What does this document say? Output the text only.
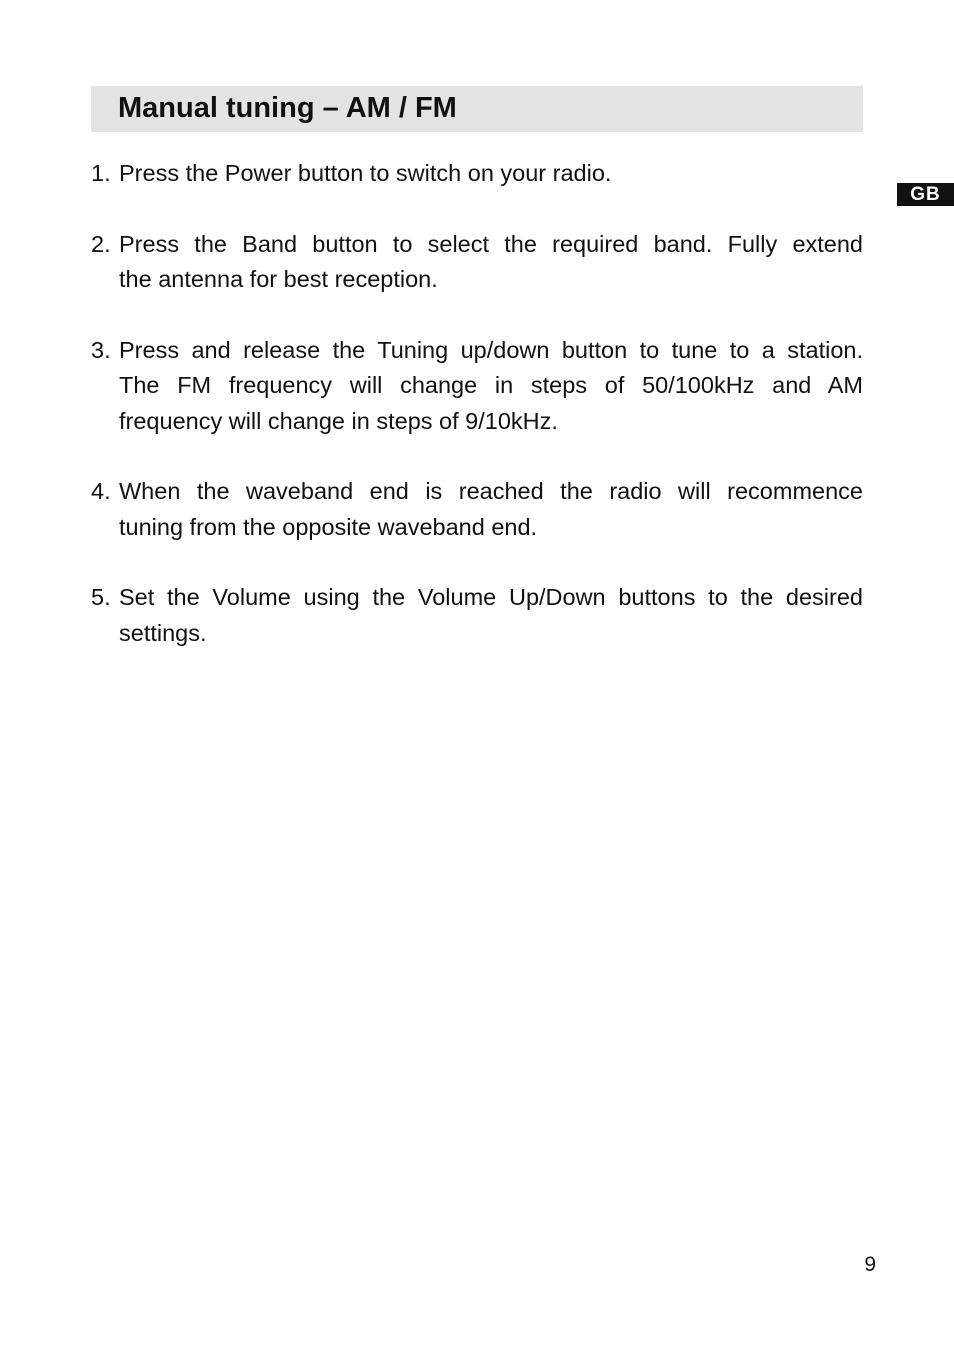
Manual tuning – AM / FM
GB
1. Press the Power button to switch on your radio.
2. Press the Band button to select the required band. Fully extend
the antenna for best reception.
3. Press and release the Tuning up/down button to tune to a station.
The FM frequency will change in steps of 50/100kHz and AM
frequency will change in steps of 9/10kHz.
4. When the waveband end is reached the radio will recommence
tuning from the opposite waveband end.
5. Set the Volume using the Volume Up/Down buttons to the desired
settings.
9
